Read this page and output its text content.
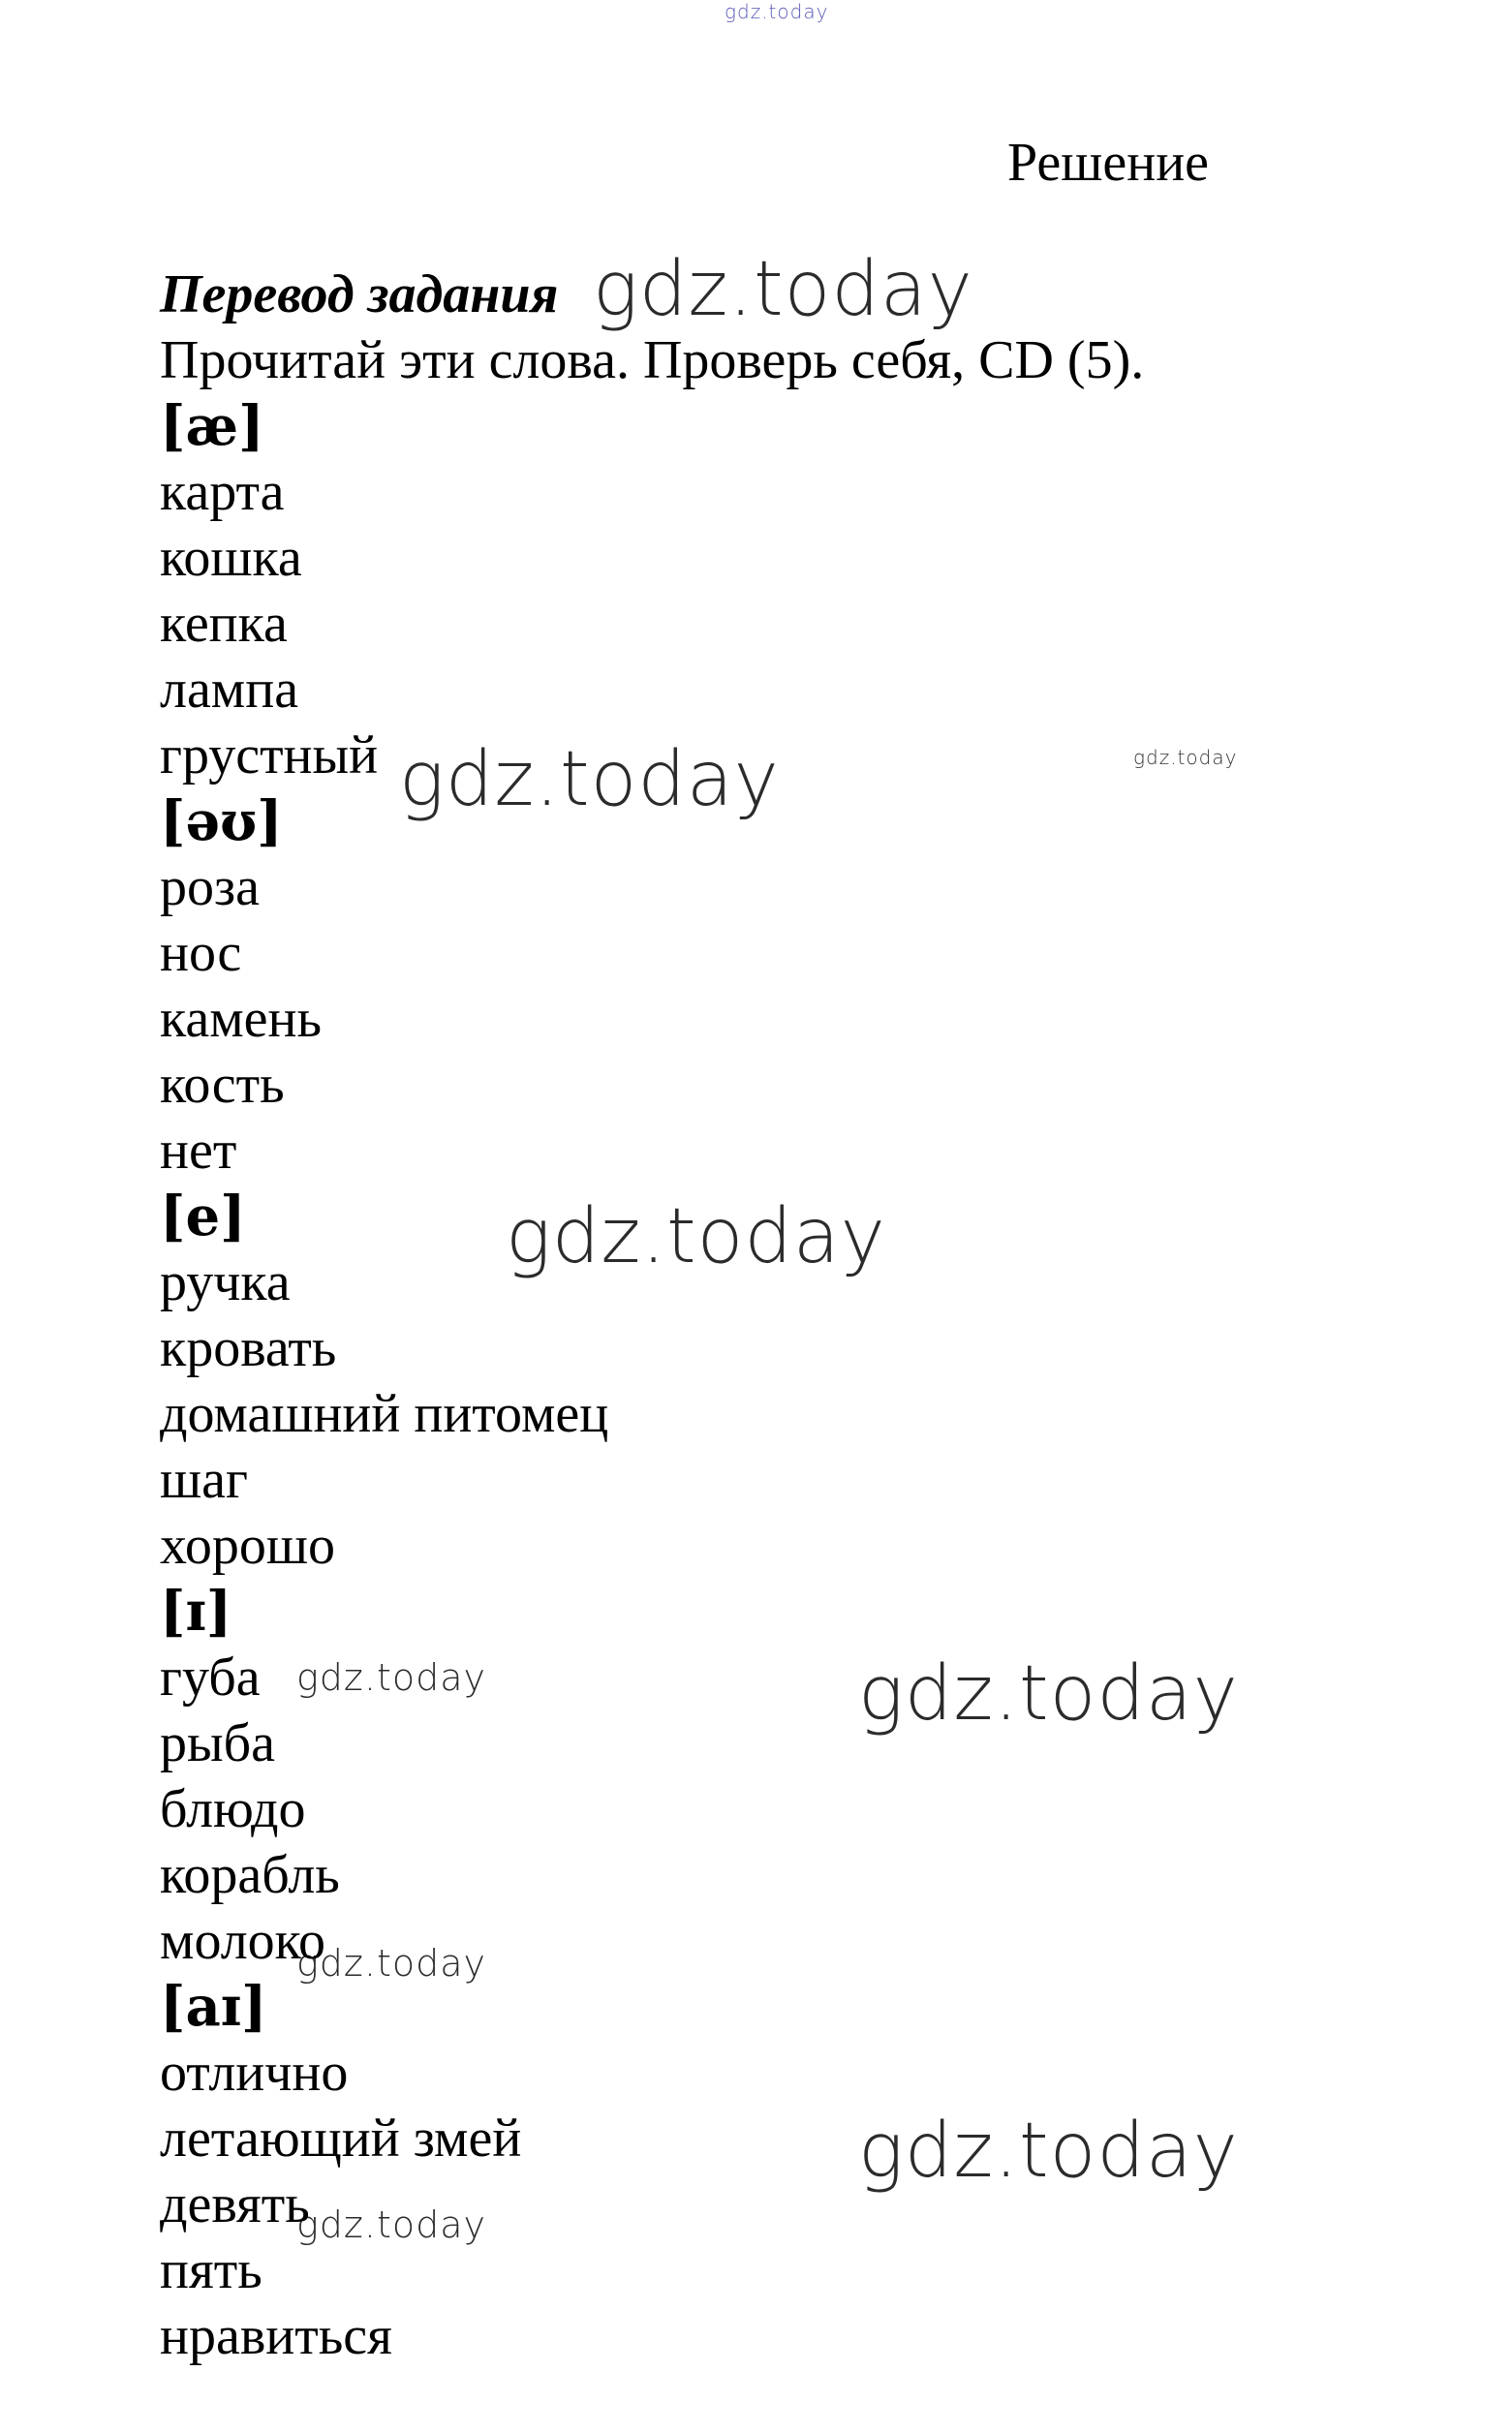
gdz.today
gdz.today
gdz.today	gdz.today
gdz.today
gdz.today	gdz.today
gdz.today
gdz.today
gdz.today
Решение
Перевод задания
Прочитай эти слова. Проверь себя, CD (5).
[æ]
карта
кошка
кепка
лампа
грустный
[əʊ]
роза
нос
камень
кость
нет
[e]
ручка
кровать
домашний питомец
шаг
хорошо
[ɪ]
губа
рыба
блюдо
корабль
молоко
[aɪ]
отлично
летающий змей
девять
пять
нравиться
